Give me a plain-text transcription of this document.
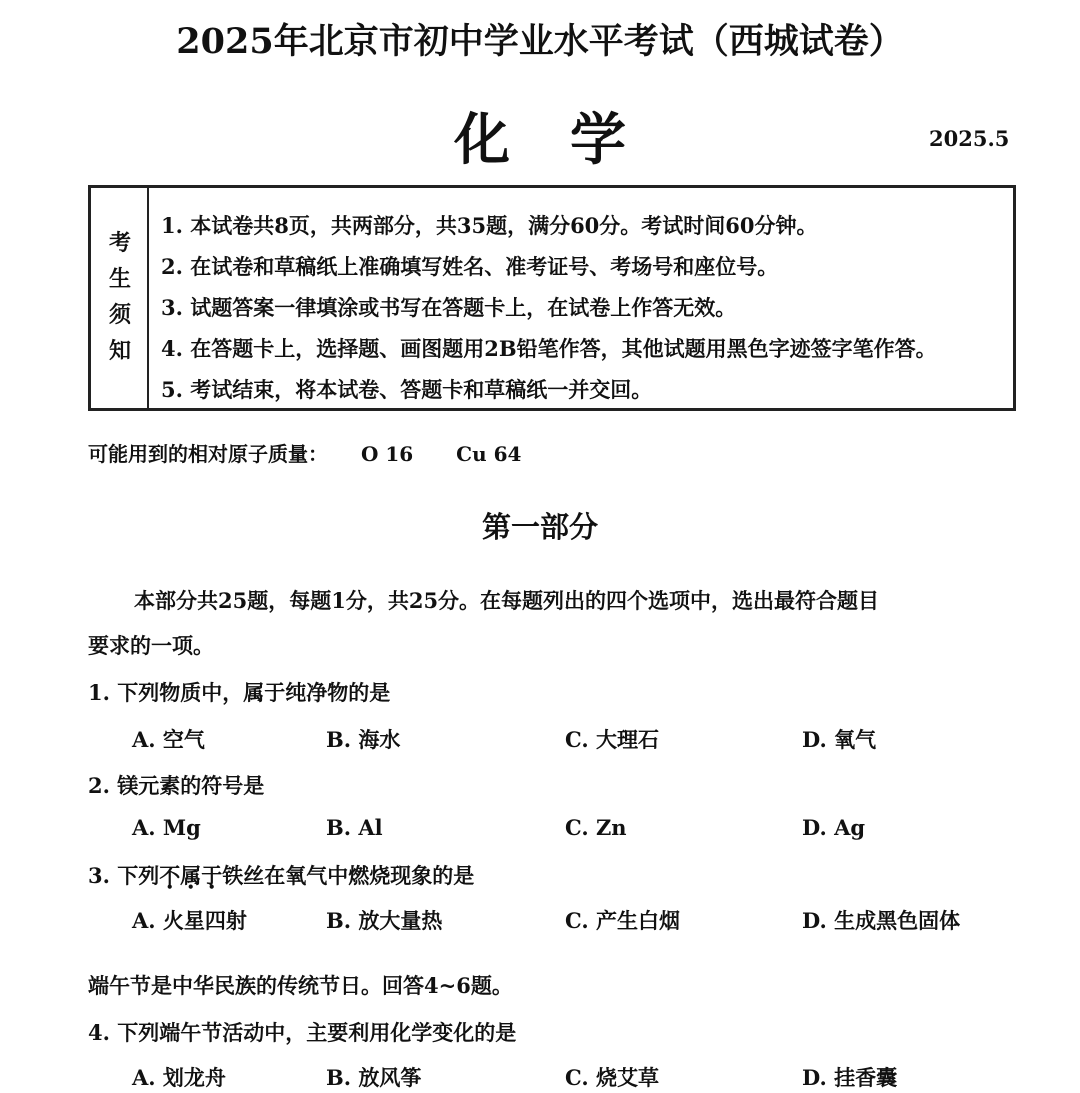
2025年北京市初中学业水平考试（西城试卷）
化学	2025.5
考
生
须
知
1. 本试卷共8页，共两部分，共35题，满分60分。考试时间60分钟。
2. 在试卷和草稿纸上准确填写姓名、准考证号、考场号和座位号。
3. 试题答案一律填涂或书写在答题卡上，在试卷上作答无效。
4. 在答题卡上，选择题、画图题用2B铅笔作答，其他试题用黑色字迹签字笔作答。
5. 考试结束，将本试卷、答题卡和草稿纸一并交回。
可能用到的相对原子质量： O 16 Cu 64
第一部分
本部分共25题，每题1分，共25分。在每题列出的四个选项中，选出最符合题目
要求的一项。
1. 下列物质中，属于纯净物的是
A. 空气	B. 海水	C. 大理石	D. 氧气
2. 镁元素的符号是
A. Mg	B. Al	C. Zn	D. Ag
3. 下列不属于铁丝在氧气中燃烧现象的是
A. 火星四射	B. 放大量热	C. 产生白烟	D. 生成黑色固体
端午节是中华民族的传统节日。回答4~6题。
4. 下列端午节活动中，主要利用化学变化的是
A. 划龙舟	B. 放风筝	C. 烧艾草	D. 挂香囊
